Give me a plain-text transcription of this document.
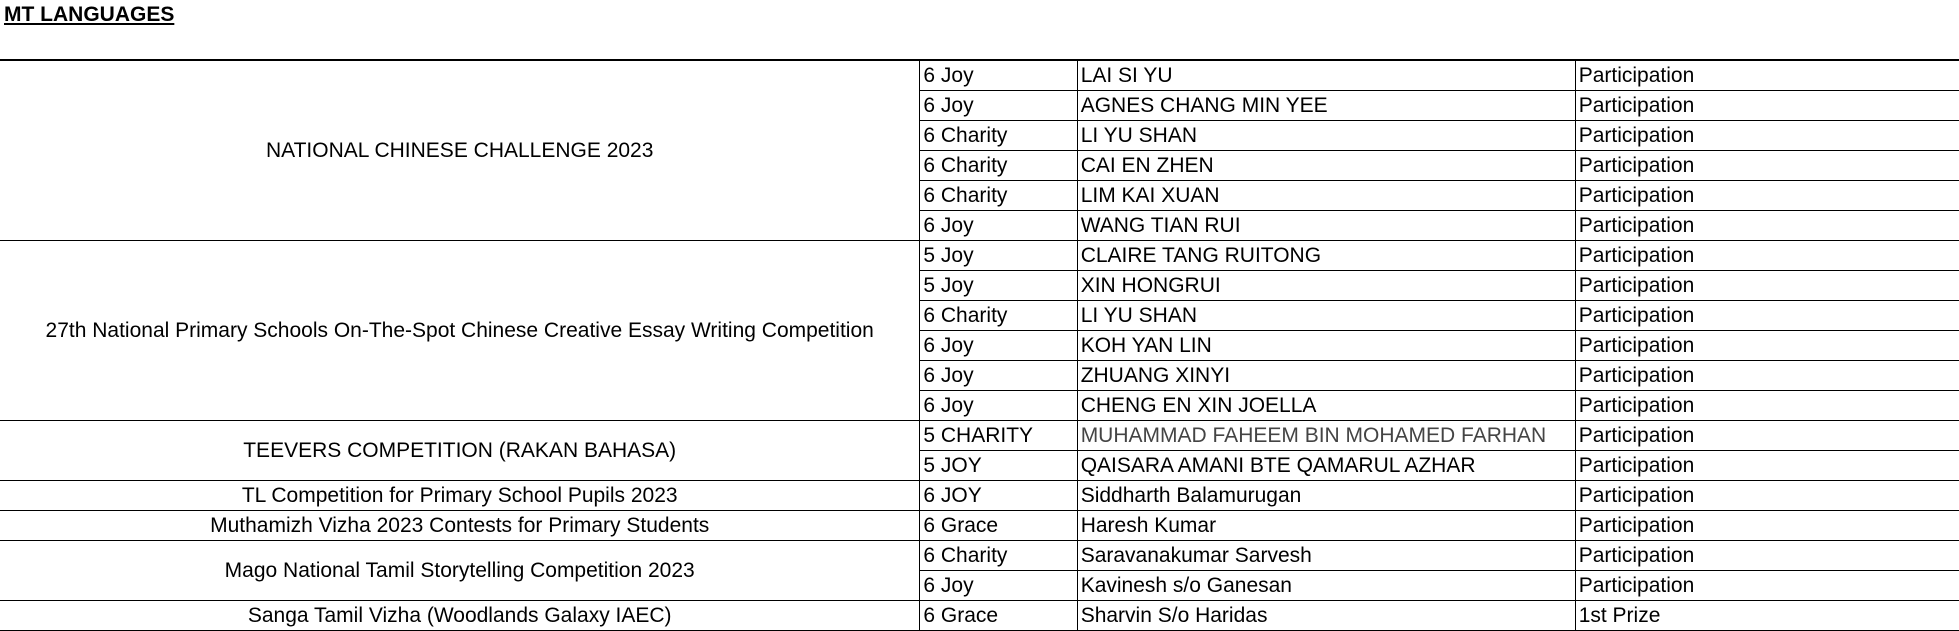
MT LANGUAGES
NATIONAL CHINESE CHALLENGE 2023	6 Joy	LAI SI YU	Participation
	6 Joy	AGNES CHANG MIN YEE	Participation
	6 Charity	LI YU SHAN	Participation
	6 Charity	CAI EN ZHEN	Participation
	6 Charity	LIM KAI XUAN	Participation
	6 Joy	WANG TIAN RUI	Participation
27th National Primary Schools On-The-Spot Chinese Creative Essay Writing Competition	5 Joy	CLAIRE TANG RUITONG	Participation
	5 Joy	XIN HONGRUI	Participation
	6 Charity	LI YU SHAN	Participation
	6 Joy	KOH YAN LIN	Participation
	6 Joy	ZHUANG XINYI	Participation
	6 Joy	CHENG EN XIN JOELLA	Participation
TEEVERS COMPETITION (RAKAN BAHASA)	5 CHARITY	MUHAMMAD FAHEEM BIN MOHAMED FARHAN	Participation
	5 JOY	QAISARA AMANI BTE QAMARUL AZHAR	Participation
TL Competition for Primary School Pupils 2023	6 JOY	Siddharth Balamurugan	Participation
Muthamizh Vizha 2023 Contests for Primary Students	6 Grace	Haresh Kumar	Participation
Mago National Tamil Storytelling Competition 2023	6 Charity	Saravanakumar Sarvesh	Participation
	6 Joy	Kavinesh s/o Ganesan	Participation
Sanga Tamil Vizha (Woodlands Galaxy IAEC)	6 Grace	Sharvin S/o Haridas	1st Prize
